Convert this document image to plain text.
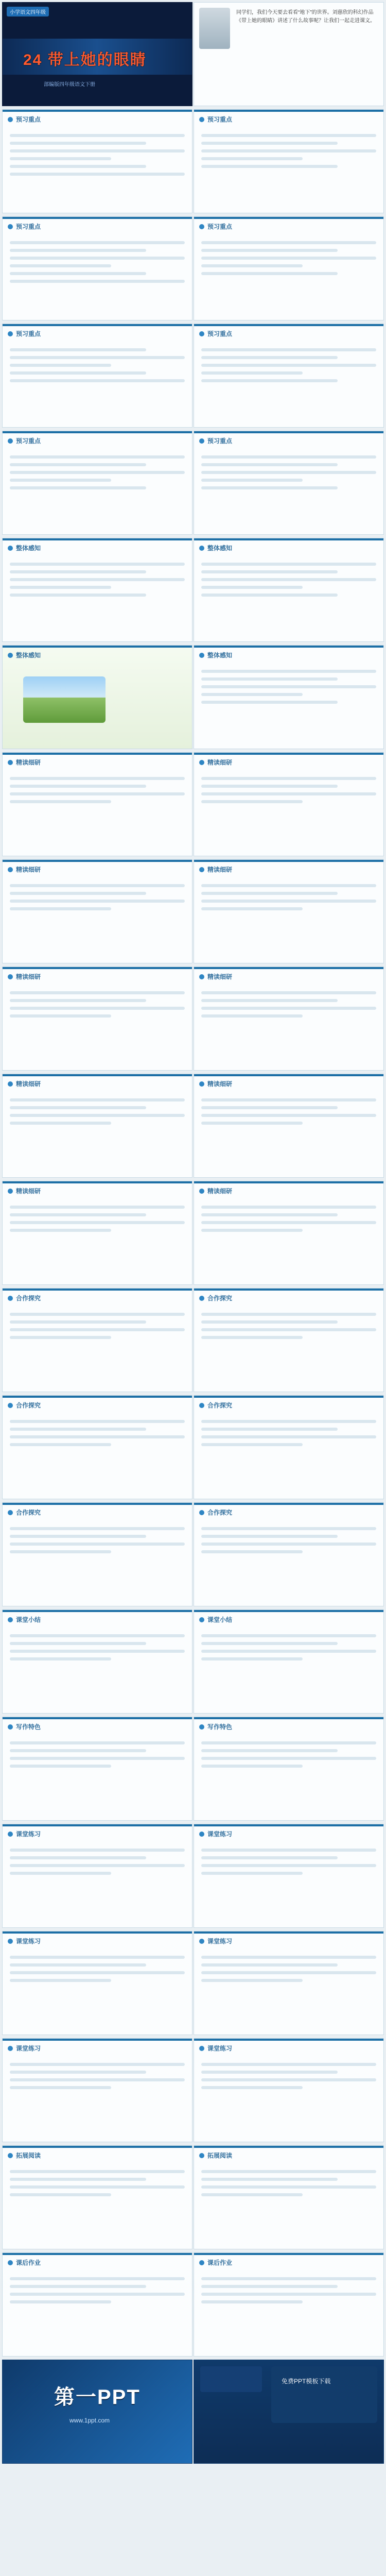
小学语文四年级
24 带上她的眼睛
部编版四年级语文下册
同学们，我们今天要去看看“地下”的世界。刘慈欣的科幻作品《带上她的眼睛》讲述了什么故事呢？让我们一起走进课文。
预习重点	预习重点
预习重点	预习重点
预习重点	预习重点
预习重点	预习重点
整体感知	整体感知
整体感知	整体感知
精读细研	精读细研
精读细研	精读细研
精读细研	精读细研
精读细研	精读细研
精读细研	精读细研
合作探究	合作探究
合作探究	合作探究
合作探究	合作探究
课堂小结	课堂小结
写作特色	写作特色
课堂练习	课堂练习
课堂练习	课堂练习
课堂练习	课堂练习
拓展阅读	拓展阅读
课后作业	课后作业
第一PPT
www.1ppt.com
免费PPT模板下载
